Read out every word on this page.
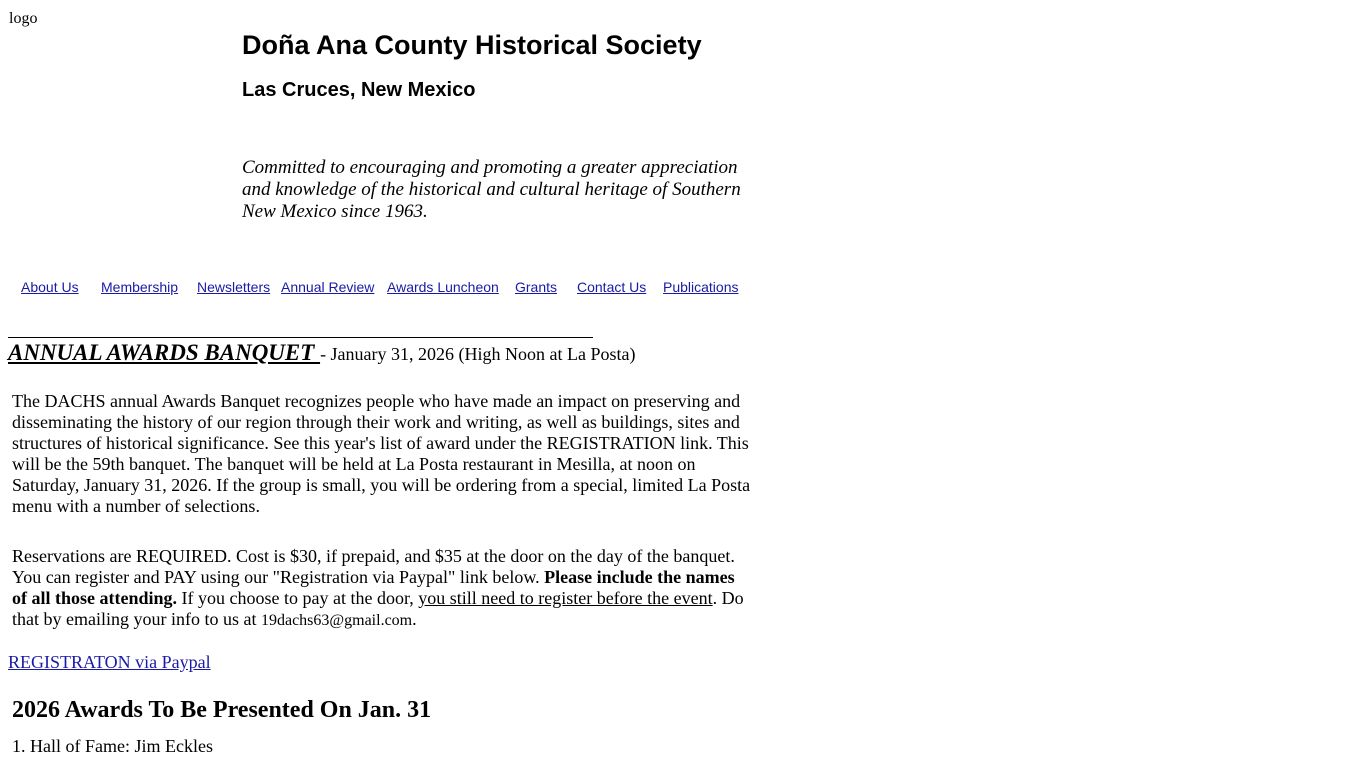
logo
Doña Ana County Historical Society
Las Cruces, New Mexico

Committed to encouraging and promoting a greater appreciation and knowledge of the historical and cultural heritage of Southern New Mexico since 1963.

About Us Membership Newsletters Annual Review Awards Luncheon Grants Contact Us Publications

ANNUAL AWARDS BANQUET - January 31, 2026 (High Noon at La Posta)

The DACHS annual Awards Banquet recognizes people who have made an impact on preserving and disseminating the history of our region through their work and writing, as well as buildings, sites and structures of historical significance. See this year's list of award under the REGISTRATION link. This will be the 59th banquet. The banquet will be held at La Posta restaurant in Mesilla, at noon on Saturday, January 31, 2026. If the group is small, you will be ordering from a special, limited La Posta menu with a number of selections.

Reservations are REQUIRED. Cost is $30, if prepaid, and $35 at the door on the day of the banquet. You can register and PAY using our "Registration via Paypal" link below. Please include the names of all those attending. If you choose to pay at the door, you still need to register before the event. Do that by emailing your info to us at 19dachs63@gmail.com.

REGISTRATON via Paypal
2026 Awards To Be Presented On Jan. 31
1. Hall of Fame: Jim Eckles
